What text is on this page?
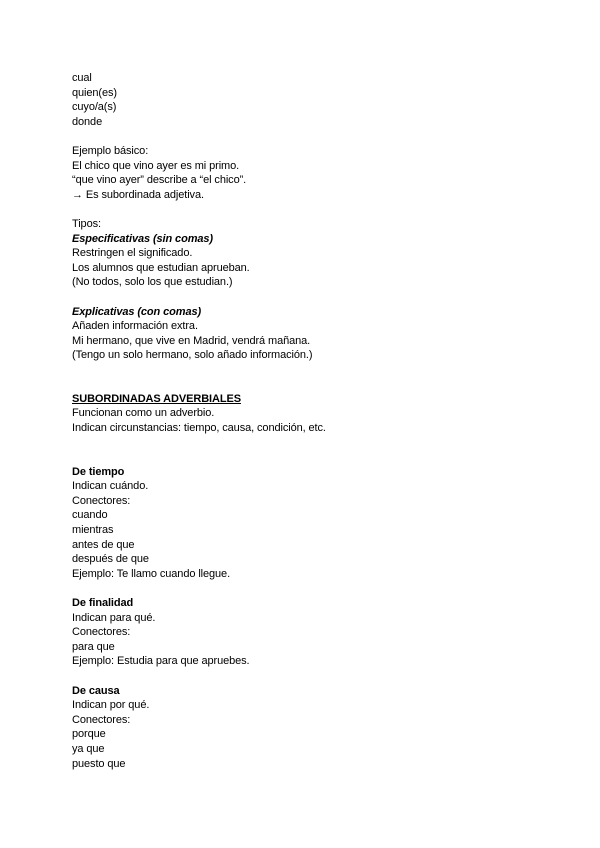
cual
quien(es)
cuyo/a(s)
donde
Ejemplo básico:
El chico que vino ayer es mi primo.
“que vino ayer” describe a “el chico”.
→ Es subordinada adjetiva.
Tipos:
Especificativas (sin comas)
Restringen el significado.
Los alumnos que estudian aprueban.
(No todos, solo los que estudian.)
Explicativas (con comas)
Añaden información extra.
Mi hermano, que vive en Madrid, vendrá mañana.
(Tengo un solo hermano, solo añado información.)
SUBORDINADAS ADVERBIALES
Funcionan como un adverbio.
Indican circunstancias: tiempo, causa, condición, etc.
De tiempo
Indican cuándo.
Conectores:
cuando
mientras
antes de que
después de que
Ejemplo: Te llamo cuando llegue.
De finalidad
Indican para qué.
Conectores:
para que
Ejemplo: Estudia para que apruebes.
De causa
Indican por qué.
Conectores:
porque
ya que
puesto que
